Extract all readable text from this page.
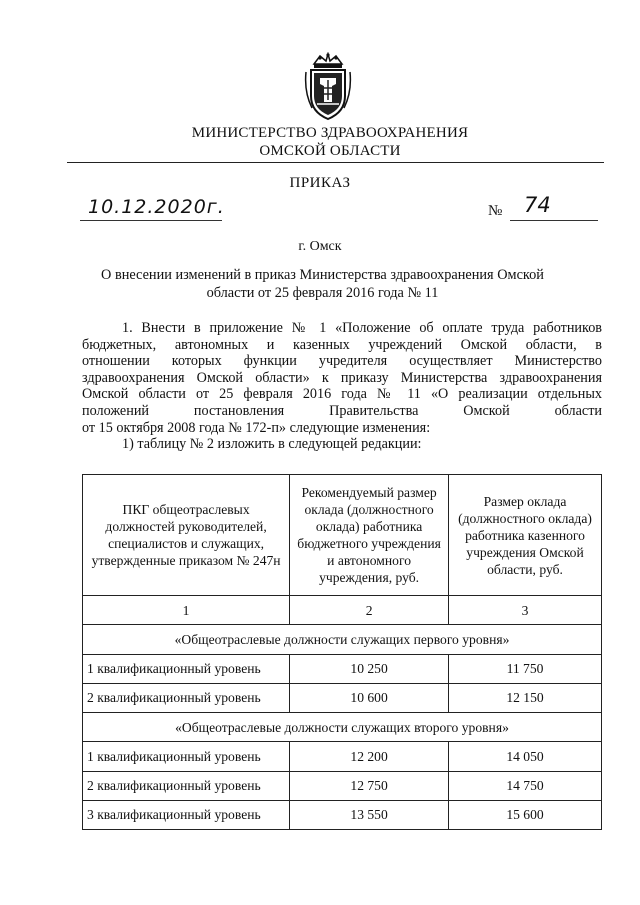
МИНИСТЕРСТВО ЗДРАВООХРАНЕНИЯ
ОМСКОЙ ОБЛАСТИ
ПРИКАЗ
10.12.2020г.	№ 74
г. Омск
О внесении изменений в приказ Министерства здравоохранения Омской
области от 25 февраля 2016 года № 11
1. Внести в приложение № 1 «Положение об оплате труда работников
бюджетных, автономных и казенных учреждений Омской области, в
отношении которых функции учредителя осуществляет Министерство
здравоохранения Омской области» к приказу Министерства здравоохранения
Омской области от 25 февраля 2016 года № 11 «О реализации отдельных
положений постановления Правительства Омской области
от 15 октября 2008 года № 172-п» следующие изменения:
1) таблицу № 2 изложить в следующей редакции:
ПКГ общеотраслевых должностей руководителей, специалистов и служащих, утвержденные приказом № 247н	Рекомендуемый размер оклада (должностного оклада) работника бюджетного учреждения и автономного учреждения, руб.	Размер оклада (должностного оклада) работника казенного учреждения Омской области, руб.
1	2	3
«Общеотраслевые должности служащих первого уровня»		
1 квалификационный уровень	10 250	11 750
2 квалификационный уровень	10 600	12 150
«Общеотраслевые должности служащих второго уровня»		
1 квалификационный уровень	12 200	14 050
2 квалификационный уровень	12 750	14 750
3 квалификационный уровень	13 550	15 600
